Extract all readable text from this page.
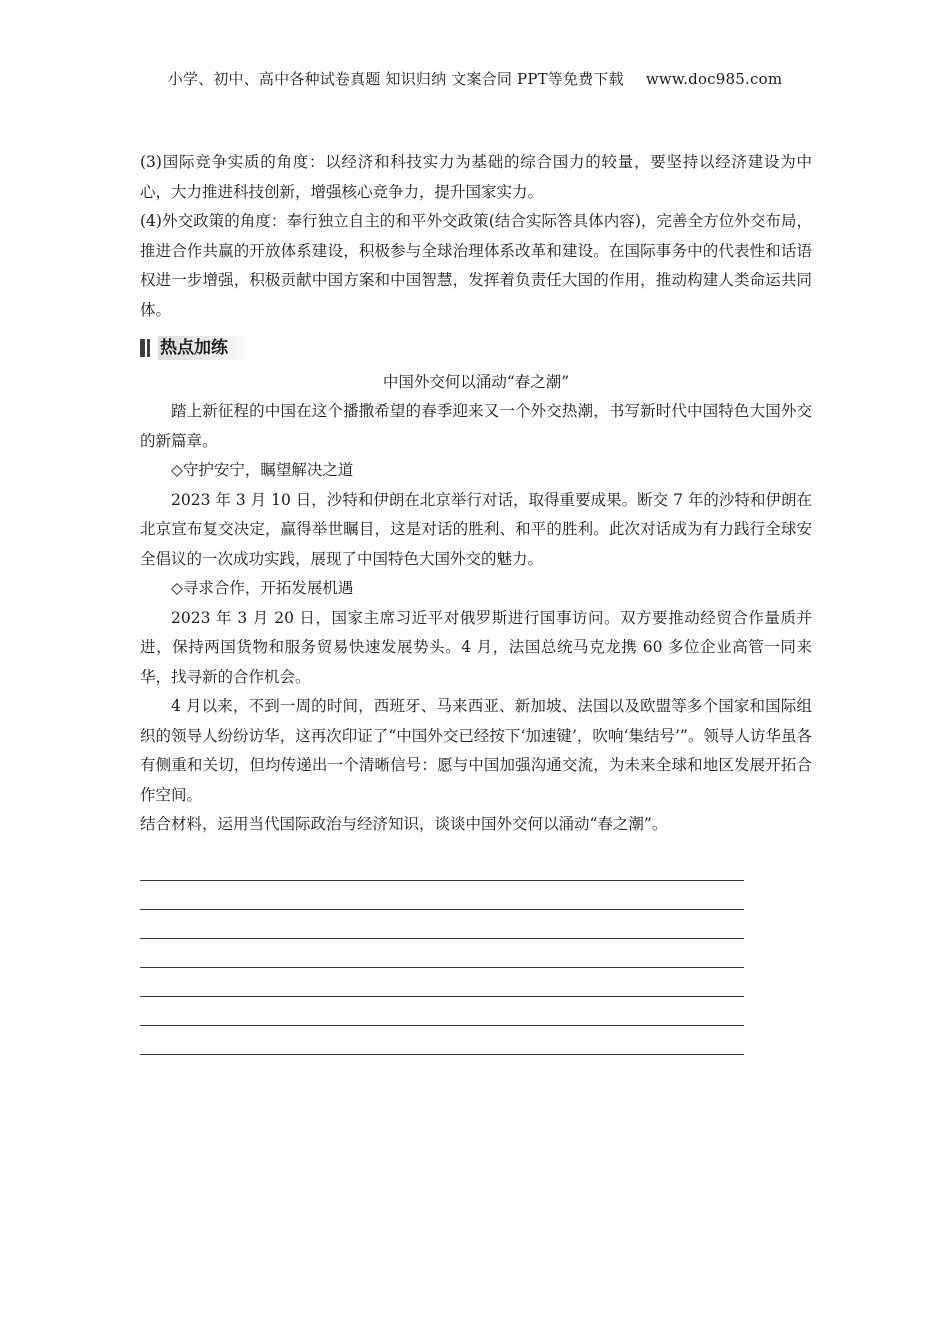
小学、初中、高中各种试卷真题 知识归纳 文案合同 PPT等免费下载 www.doc985.com

(3)国际竞争实质的角度：以经济和科技实力为基础的综合国力的较量，要坚持以经济建设为中心，大力推进科技创新，增强核心竞争力，提升国家实力。

(4)外交政策的角度：奉行独立自主的和平外交政策(结合实际答具体内容)，完善全方位外交布局，推进合作共赢的开放体系建设，积极参与全球治理体系改革和建设。在国际事务中的代表性和话语权进一步增强，积极贡献中国方案和中国智慧，发挥着负责任大国的作用，推动构建人类命运共同体。

热点加练
中国外交何以涌动“春之潮”

踏上新征程的中国在这个播撒希望的春季迎来又一个外交热潮，书写新时代中国特色大国外交的新篇章。

◇守护安宁，瞩望解决之道

2023 年 3 月 10 日，沙特和伊朗在北京举行对话，取得重要成果。断交 7 年的沙特和伊朗在北京宣布复交决定，赢得举世瞩目，这是对话的胜利、和平的胜利。此次对话成为有力践行全球安全倡议的一次成功实践，展现了中国特色大国外交的魅力。

◇寻求合作，开拓发展机遇

2023 年 3 月 20 日，国家主席习近平对俄罗斯进行国事访问。双方要推动经贸合作量质并进，保持两国货物和服务贸易快速发展势头。4 月，法国总统马克龙携 60 多位企业高管一同来华，找寻新的合作机会。

4 月以来，不到一周的时间，西班牙、马来西亚、新加坡、法国以及欧盟等多个国家和国际组织的领导人纷纷访华，这再次印证了“中国外交已经按下‘加速键’，吹响‘集结号’”。领导人访华虽各有侧重和关切，但均传递出一个清晰信号：愿与中国加强沟通交流，为未来全球和地区发展开拓合作空间。

结合材料，运用当代国际政治与经济知识，谈谈中国外交何以涌动“春之潮”。
